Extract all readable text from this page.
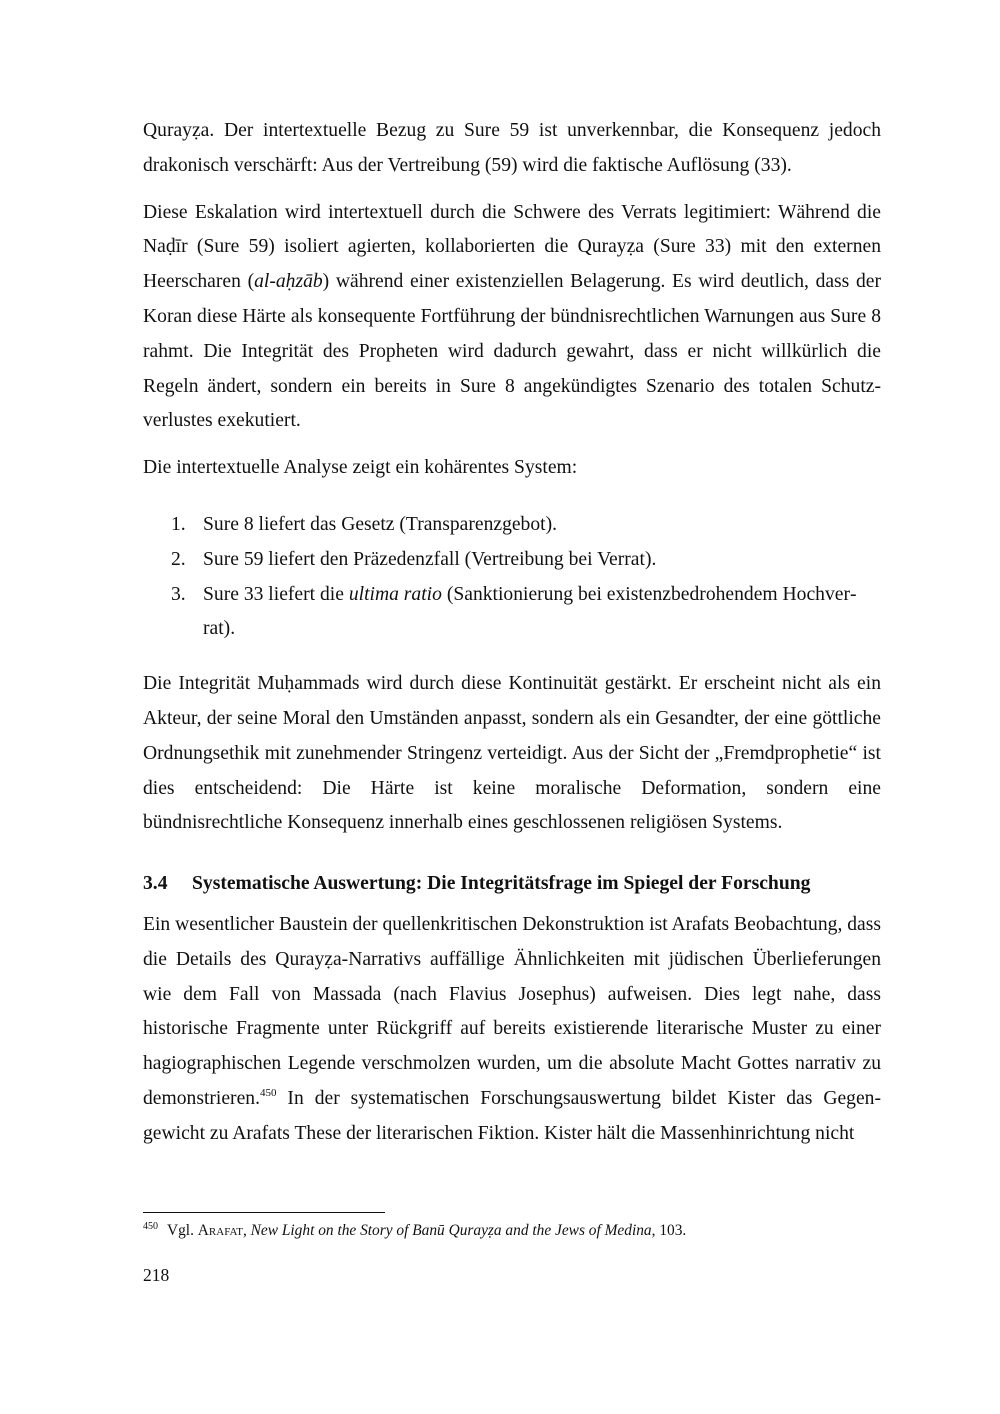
Qurayẓa. Der intertextuelle Bezug zu Sure 59 ist unverkennbar, die Konsequenz jedoch drakonisch verschärft: Aus der Vertreibung (59) wird die faktische Auflösung (33).

Diese Eskalation wird intertextuell durch die Schwere des Verrats legitimiert: Während die Naḍīr (Sure 59) isoliert agierten, kollaborierten die Qurayẓa (Sure 33) mit den externen Heerscharen (al-aḥzāb) während einer existenziellen Belagerung. Es wird deutlich, dass der Koran diese Härte als konsequente Fortführung der bündnisrechtlichen Warnungen aus Sure 8 rahmt. Die Integrität des Propheten wird dadurch gewahrt, dass er nicht willkürlich die Regeln ändert, sondern ein bereits in Sure 8 angekündigtes Szenario des totalen Schutzverlustes exekutiert.

Die intertextuelle Analyse zeigt ein kohärentes System:

1. Sure 8 liefert das Gesetz (Transparenzgebot).
2. Sure 59 liefert den Präzedenzfall (Vertreibung bei Verrat).
3. Sure 33 liefert die ultima ratio (Sanktionierung bei existenzbedrohendem Hochverrat).

Die Integrität Muḥammads wird durch diese Kontinuität gestärkt. Er erscheint nicht als ein Akteur, der seine Moral den Umständen anpasst, sondern als ein Gesandter, der eine göttliche Ordnungsethik mit zunehmender Stringenz verteidigt. Aus der Sicht der „Fremdprophetie“ ist dies entscheidend: Die Härte ist keine moralische Deformation, sondern eine bündnisrechtliche Konsequenz innerhalb eines geschlossenen religiösen Systems.

3.4 Systematische Auswertung: Die Integritätsfrage im Spiegel der Forschung

Ein wesentlicher Baustein der quellenkritischen Dekonstruktion ist Arafats Beobachtung, dass die Details des Qurayẓa-Narrativs auffällige Ähnlichkeiten mit jüdischen Überlieferungen wie dem Fall von Massada (nach Flavius Josephus) aufweisen. Dies legt nahe, dass historische Fragmente unter Rückgriff auf bereits existierende literarische Muster zu einer hagiographischen Legende verschmolzen wurden, um die absolute Macht Gottes narrativ zu demonstrieren.$^{450}$ In der systematischen Forschungsauswertung bildet Kister das Gegengewicht zu Arafats These der literarischen Fiktion. Kister hält die Massenhinrichtung nicht

$^{450}$ Vgl. Arafat, New Light on the Story of Banū Qurayẓa and the Jews of Medina, 103.
218
